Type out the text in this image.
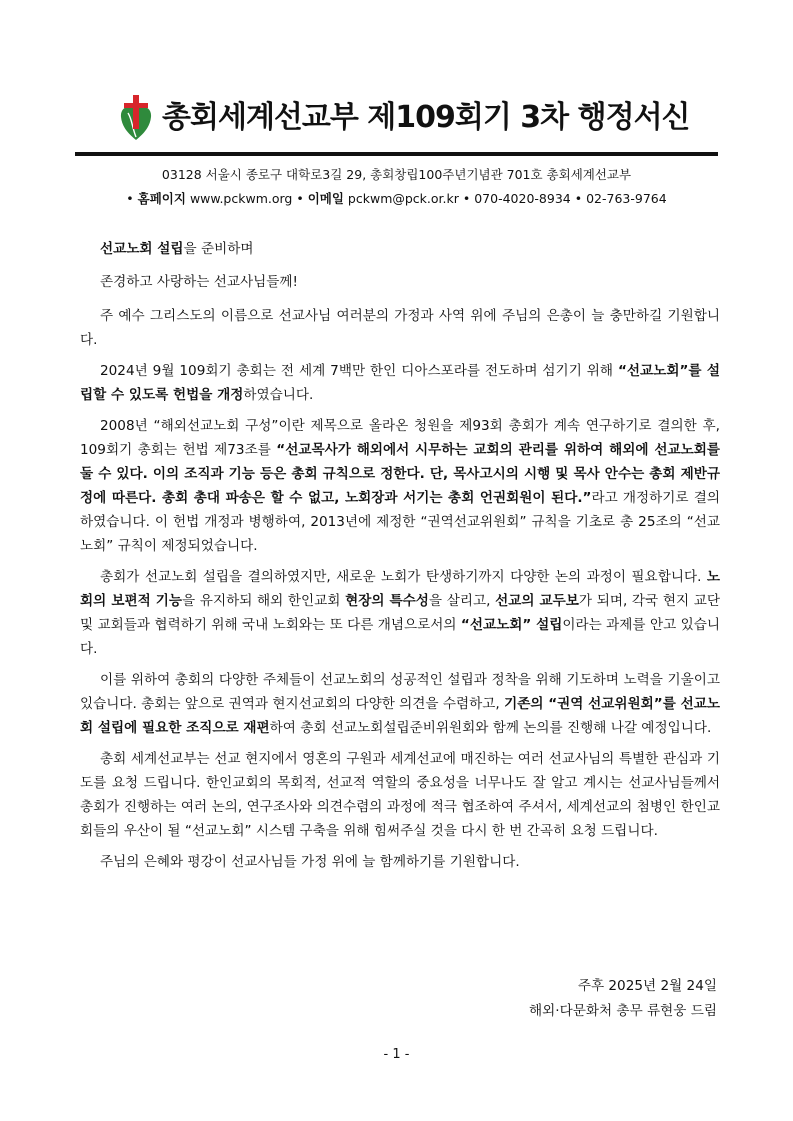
총회세계선교부 제109회기 3차 행정서신
03128 서울시 종로구 대학로3길 29, 총회창립100주년기념관 701호 총회세계선교부
• 홈페이지 www.pckwm.org • 이메일 pckwm@pck.or.kr • 070-4020-8934 • 02-763-9764

선교노회 설립을 준비하며

존경하고 사랑하는 선교사님들께!

주 예수 그리스도의 이름으로 선교사님 여러분의 가정과 사역 위에 주님의 은총이 늘 충만하길 기원합니다.

2024년 9월 109회기 총회는 전 세계 7백만 한인 디아스포라를 전도하며 섬기기 위해 “선교노회”를 설립할 수 있도록 헌법을 개정하였습니다.

2008년 “해외선교노회 구성”이란 제목으로 올라온 청원을 제93회 총회가 계속 연구하기로 결의한 후, 109회기 총회는 헌법 제73조를 “선교목사가 해외에서 시무하는 교회의 관리를 위하여 해외에 선교노회를 둘 수 있다. 이의 조직과 기능 등은 총회 규칙으로 정한다. 단, 목사고시의 시행 및 목사 안수는 총회 제반규정에 따른다. 총회 총대 파송은 할 수 없고, 노회장과 서기는 총회 언권회원이 된다.”라고 개정하기로 결의하였습니다. 이 헌법 개정과 병행하여, 2013년에 제정한 “권역선교위원회” 규칙을 기초로 총 25조의 “선교노회” 규칙이 제정되었습니다.

총회가 선교노회 설립을 결의하였지만, 새로운 노회가 탄생하기까지 다양한 논의 과정이 필요합니다. 노회의 보편적 기능을 유지하되 해외 한인교회 현장의 특수성을 살리고, 선교의 교두보가 되며, 각국 현지 교단 및 교회들과 협력하기 위해 국내 노회와는 또 다른 개념으로서의 “선교노회” 설립이라는 과제를 안고 있습니다.

이를 위하여 총회의 다양한 주체들이 선교노회의 성공적인 설립과 정착을 위해 기도하며 노력을 기울이고 있습니다. 총회는 앞으로 권역과 현지선교회의 다양한 의견을 수렴하고, 기존의 “권역 선교위원회”를 선교노회 설립에 필요한 조직으로 재편하여 총회 선교노회설립준비위원회와 함께 논의를 진행해 나갈 예정입니다.

총회 세계선교부는 선교 현지에서 영혼의 구원과 세계선교에 매진하는 여러 선교사님의 특별한 관심과 기도를 요청 드립니다. 한인교회의 목회적, 선교적 역할의 중요성을 너무나도 잘 알고 계시는 선교사님들께서 총회가 진행하는 여러 논의, 연구조사와 의견수렴의 과정에 적극 협조하여 주셔서, 세계선교의 첨병인 한인교회들의 우산이 될 “선교노회” 시스템 구축을 위해 힘써주실 것을 다시 한 번 간곡히 요청 드립니다.

주님의 은혜와 평강이 선교사님들 가정 위에 늘 함께하기를 기원합니다.

주후 2025년 2월 24일
해외·다문화처 총무 류현웅 드림
- 1 -
